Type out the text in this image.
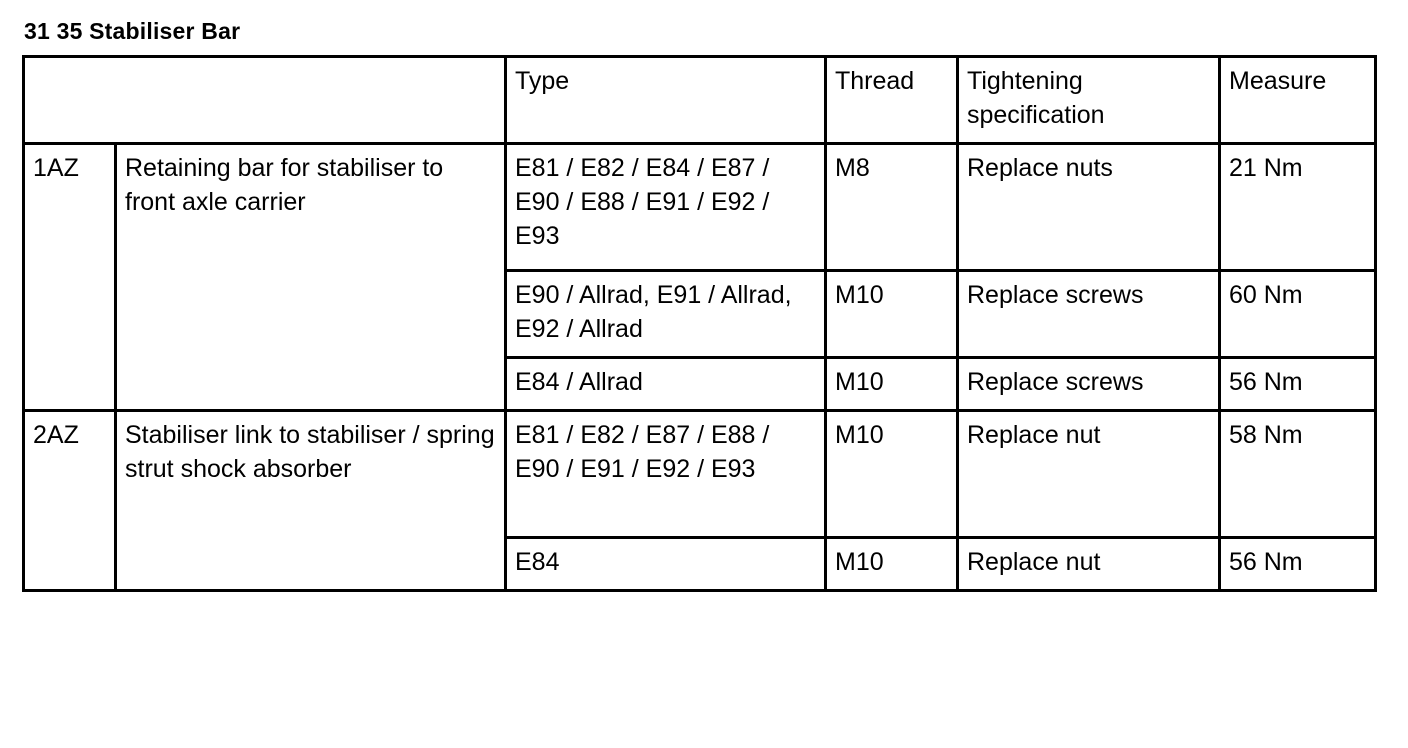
31 35 Stabiliser Bar
		Type	Thread	Tightening specification	Measure
1AZ	Retaining bar for stabiliser to front axle carrier	E81 / E82 / E84 / E87 / E90 / E88 / E91 / E92 / E93	M8	Replace nuts	21 Nm
		E90 / Allrad, E91 / Allrad, E92 / Allrad	M10	Replace screws	60 Nm
		E84 / Allrad	M10	Replace screws	56 Nm
2AZ	Stabiliser link to stabiliser / spring strut shock absorber	E81 / E82 / E87 / E88 / E90 / E91 / E92 / E93	M10	Replace nut	58 Nm
		E84	M10	Replace nut	56 Nm
